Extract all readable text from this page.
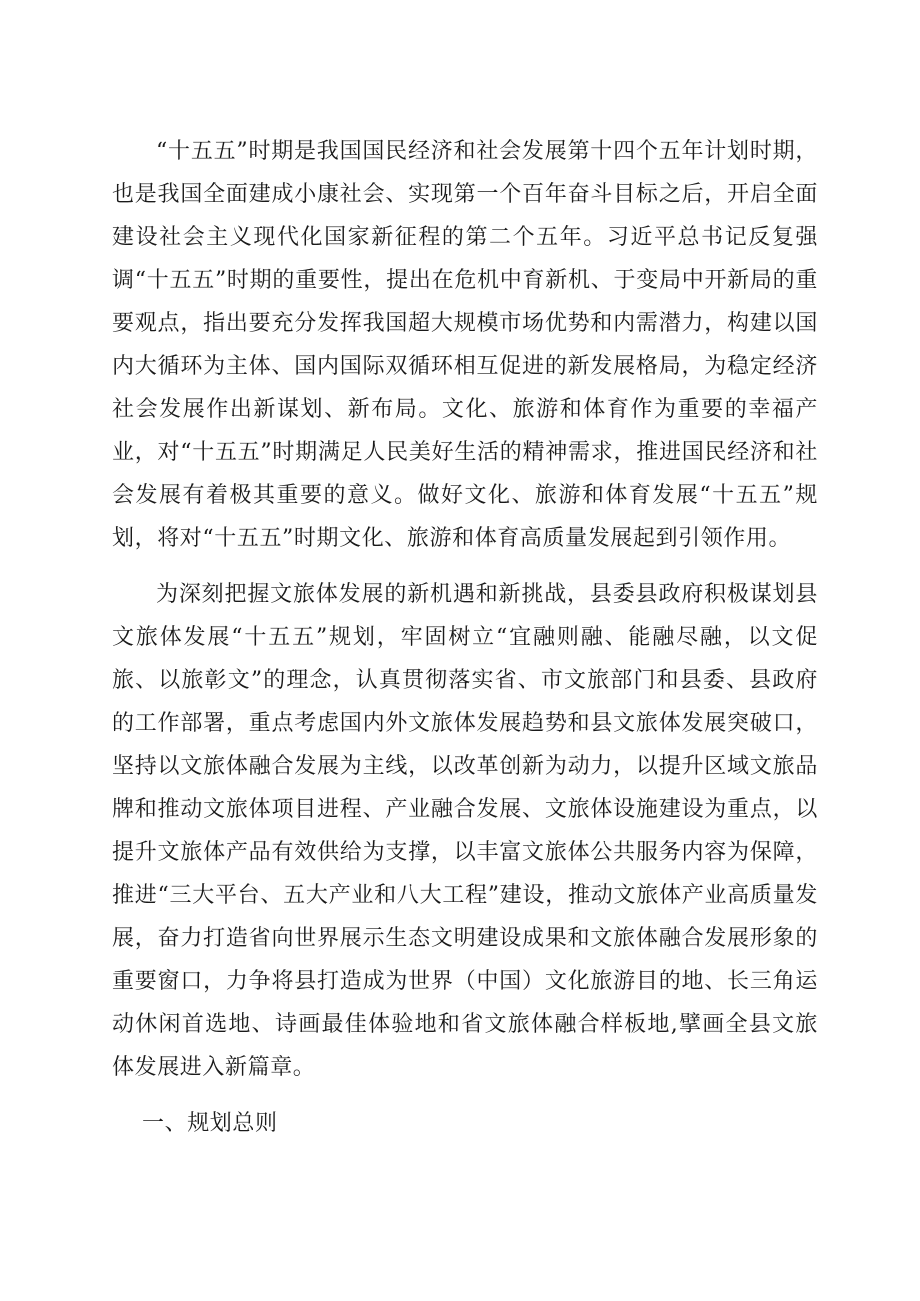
“十五五”时期是我国国民经济和社会发展第十四个五年计划时期，也是我国全面建成小康社会、实现第一个百年奋斗目标之后，开启全面建设社会主义现代化国家新征程的第二个五年。习近平总书记反复强调“十五五”时期的重要性，提出在危机中育新机、于变局中开新局的重要观点，指出要充分发挥我国超大规模市场优势和内需潜力，构建以国内大循环为主体、国内国际双循环相互促进的新发展格局，为稳定经济社会发展作出新谋划、新布局。文化、旅游和体育作为重要的幸福产业，对“十五五”时期满足人民美好生活的精神需求，推进国民经济和社会发展有着极其重要的意义。做好文化、旅游和体育发展“十五五”规划，将对“十五五”时期文化、旅游和体育高质量发展起到引领作用。

为深刻把握文旅体发展的新机遇和新挑战，县委县政府积极谋划县文旅体发展“十五五”规划，牢固树立“宜融则融、能融尽融，以文促旅、以旅彰文”的理念，认真贯彻落实省、市文旅部门和县委、县政府的工作部署，重点考虑国内外文旅体发展趋势和县文旅体发展突破口，坚持以文旅体融合发展为主线，以改革创新为动力，以提升区域文旅品牌和推动文旅体项目进程、产业融合发展、文旅体设施建设为重点，以提升文旅体产品有效供给为支撑，以丰富文旅体公共服务内容为保障，推进“三大平台、五大产业和八大工程”建设，推动文旅体产业高质量发展，奋力打造省向世界展示生态文明建设成果和文旅体融合发展形象的重要窗口，力争将县打造成为世界（中国）文化旅游目的地、长三角运动休闲首选地、诗画最佳体验地和省文旅体融合样板地,擘画全县文旅体发展进入新篇章。

一、规划总则
